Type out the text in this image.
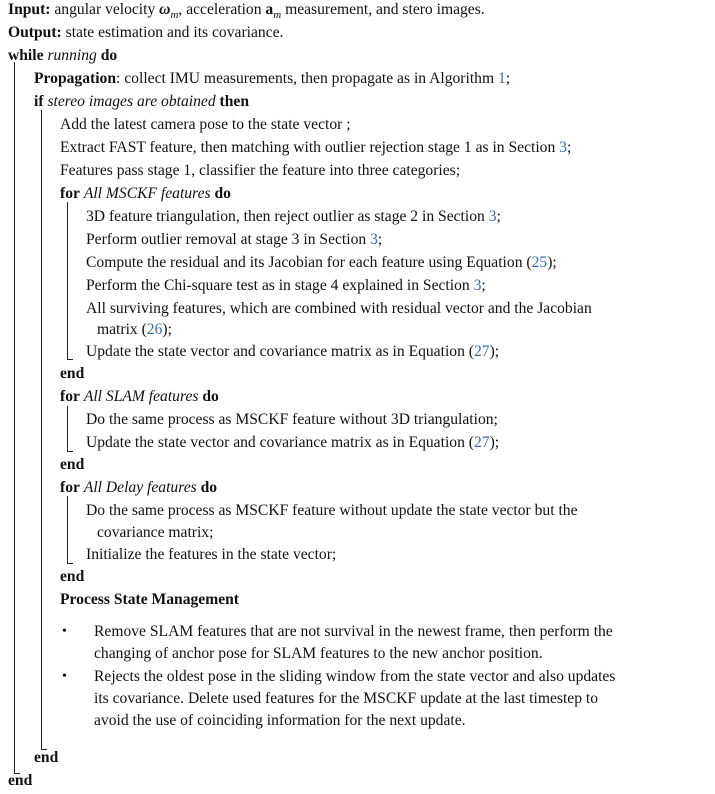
Input: angular velocity $\omega_m$, acceleration $a_m$ measurement, and stero images.
Output: state estimation and its covariance.
while running do
Propagation: collect IMU measurements, then propagate as in Algorithm 1;
if stereo images are obtained then
Add the latest camera pose to the state vector ;
Extract FAST feature, then matching with outlier rejection stage 1 as in Section 3;
Features pass stage 1, classifier the feature into three categories;
for All MSCKF features do
3D feature triangulation, then reject outlier as stage 2 in Section 3;
Perform outlier removal at stage 3 in Section 3;
Compute the residual and its Jacobian for each feature using Equation (25);
Perform the Chi-square test as in stage 4 explained in Section 3;
All surviving features, which are combined with residual vector and the Jacobian
matrix (26);
Update the state vector and covariance matrix as in Equation (27);
end
for All SLAM features do
Do the same process as MSCKF feature without 3D triangulation;
Update the state vector and covariance matrix as in Equation (27);
end
for All Delay features do
Do the same process as MSCKF feature without update the state vector but the
covariance matrix;
Initialize the features in the state vector;
end
Process State Management
• Remove SLAM features that are not survival in the newest frame, then perform the
changing of anchor pose for SLAM features to the new anchor position.
• Rejects the oldest pose in the sliding window from the state vector and also updates
its covariance. Delete used features for the MSCKF update at the last timestep to
avoid the use of coinciding information for the next update.
end
end
